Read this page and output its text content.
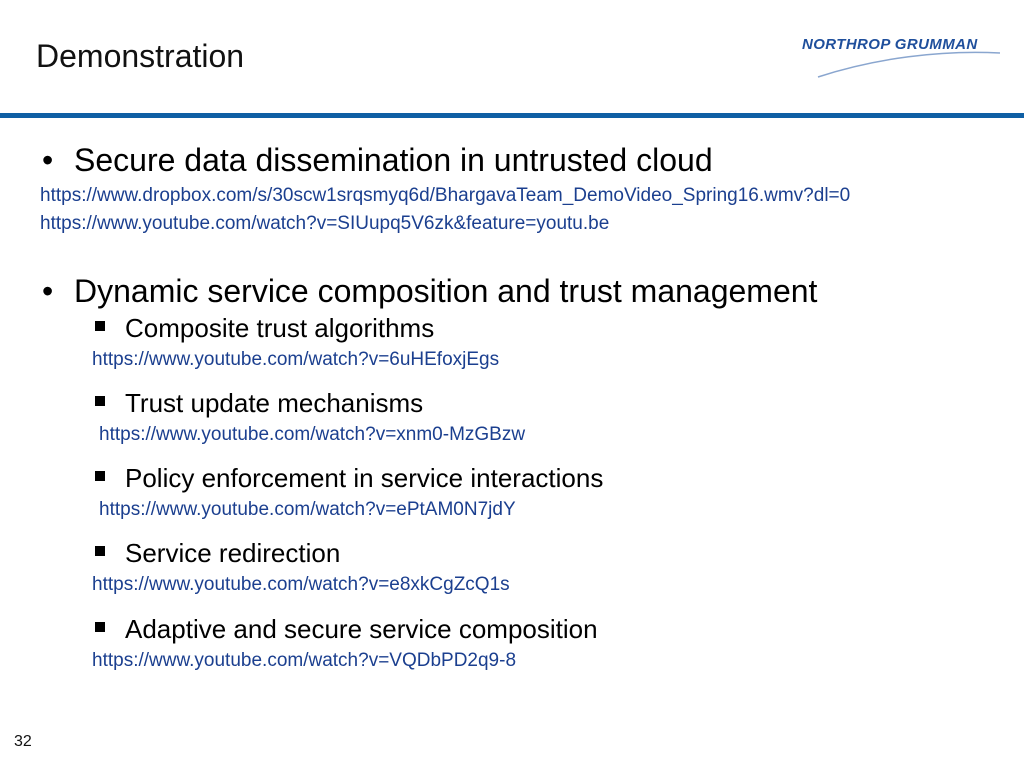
Demonstration	NORTHROP GRUMMAN
• Secure data dissemination in untrusted cloud
https://www.dropbox.com/s/30scw1srqsmyq6d/BhargavaTeam_DemoVideo_Spring16.wmv?dl=0
https://www.youtube.com/watch?v=SIUupq5V6zk&feature=youtu.be
• Dynamic service composition and trust management
Composite trust algorithms
https://www.youtube.com/watch?v=6uHEfoxjEgs
Trust update mechanisms
https://www.youtube.com/watch?v=xnm0-MzGBzw
Policy enforcement in service interactions
https://www.youtube.com/watch?v=ePtAM0N7jdY
Service redirection
https://www.youtube.com/watch?v=e8xkCgZcQ1s
Adaptive and secure service composition
https://www.youtube.com/watch?v=VQDbPD2q9-8
32
